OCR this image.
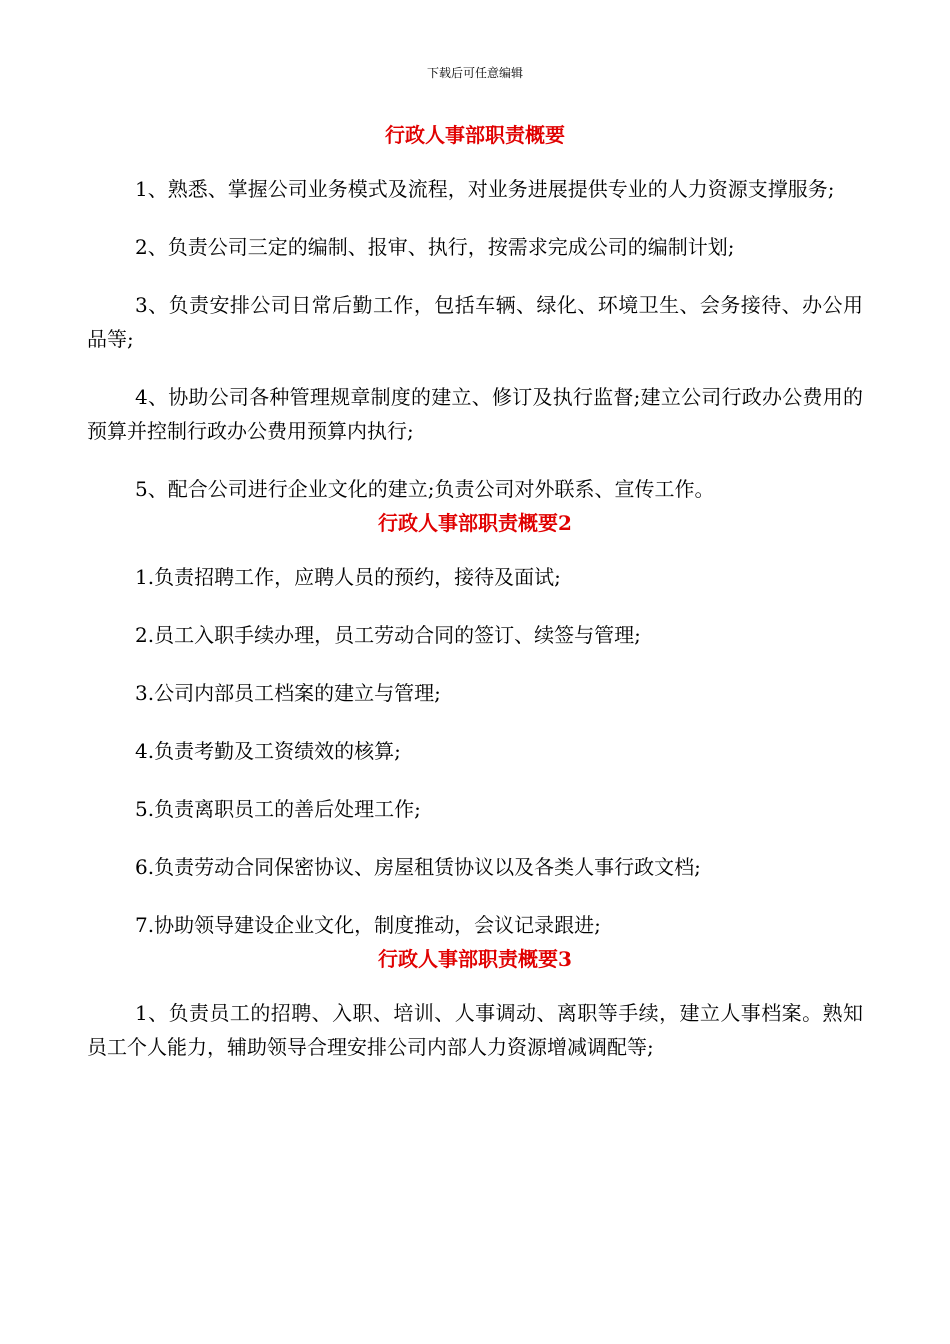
下载后可任意编辑
行政人事部职责概要

1、熟悉、掌握公司业务模式及流程，对业务进展提供专业的人力资源支撑服务;

2、负责公司三定的编制、报审、执行，按需求完成公司的编制计划;

3、负责安排公司日常后勤工作，包括车辆、绿化、环境卫生、会务接待、办公用品等;

4、协助公司各种管理规章制度的建立、修订及执行监督;建立公司行政办公费用的预算并控制行政办公费用预算内执行;

5、配合公司进行企业文化的建立;负责公司对外联系、宣传工作。

行政人事部职责概要2

1.负责招聘工作，应聘人员的预约，接待及面试;

2.员工入职手续办理，员工劳动合同的签订、续签与管理;

3.公司内部员工档案的建立与管理;

4.负责考勤及工资绩效的核算;

5.负责离职员工的善后处理工作;

6.负责劳动合同保密协议、房屋租赁协议以及各类人事行政文档;

7.协助领导建设企业文化，制度推动，会议记录跟进;

行政人事部职责概要3

1、负责员工的招聘、入职、培训、人事调动、离职等手续，建立人事档案。熟知员工个人能力，辅助领导合理安排公司内部人力资源增减调配等;
